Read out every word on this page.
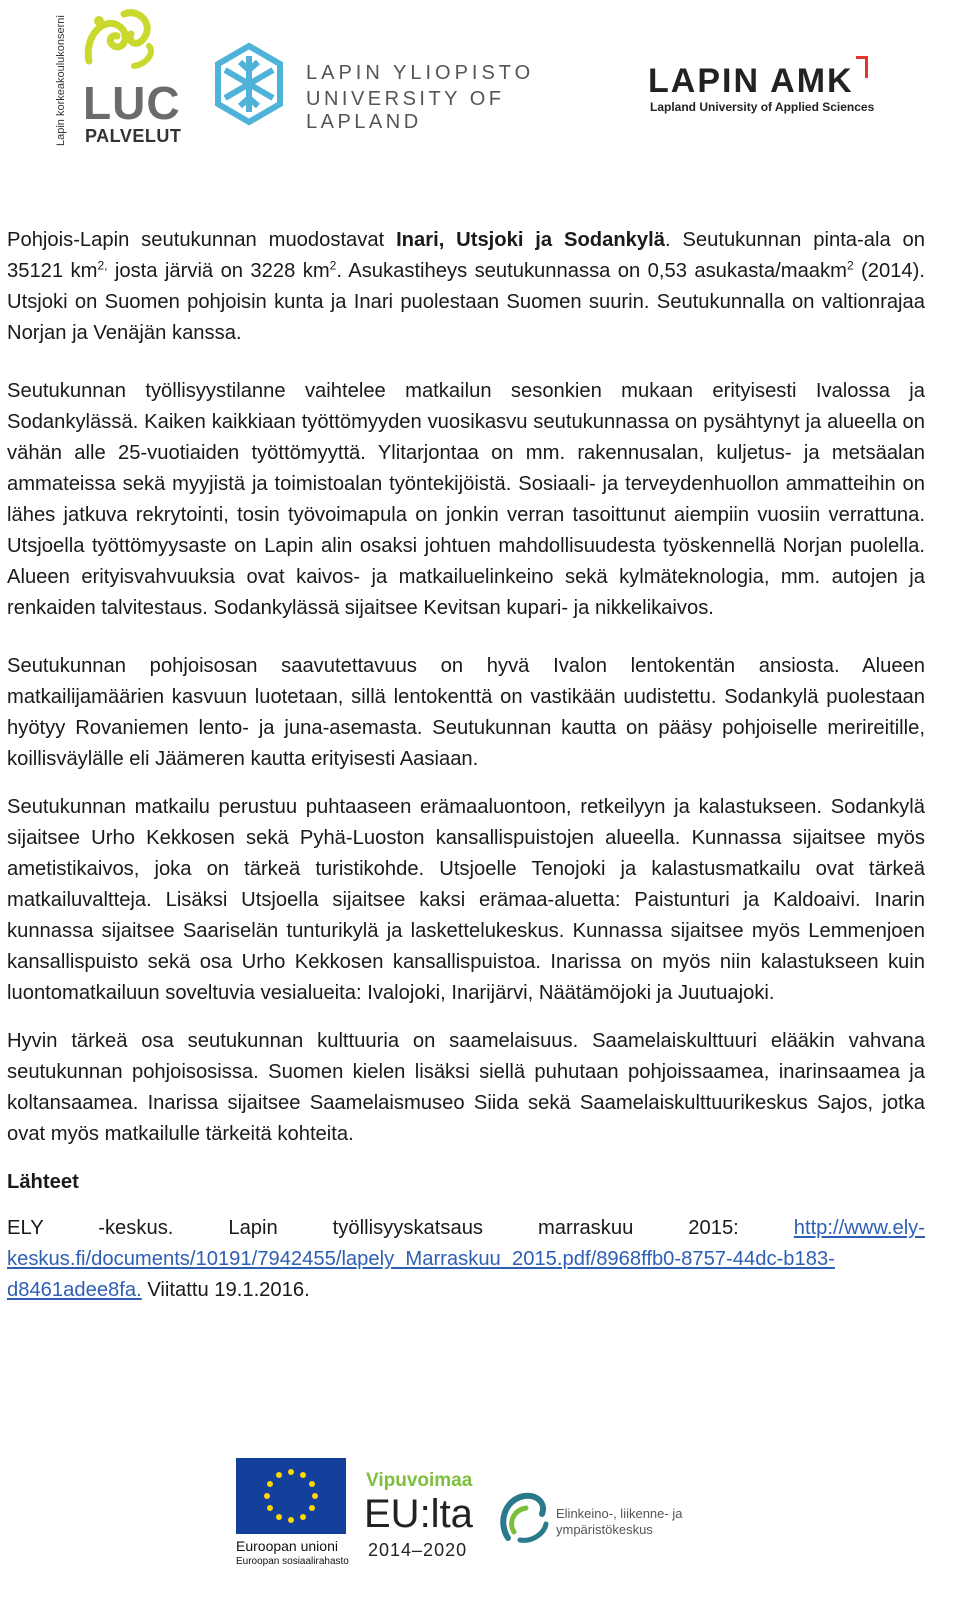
Lapin korkeakoulukonserni LUC
PALVELUT
LAPIN YLIOPISTO
UNIVERSITY OF LAPLAND
LAPIN AMK
Lapland University of Applied Sciences

Pohjois-Lapin seutukunnan muodostavat Inari, Utsjoki ja Sodankylä. Seutukunnan pinta-ala on 35121 $km^{2,}$ josta järviä on 3228 $km^2$. Asukastiheys seutukunnassa on 0,53 asukasta/maakm$^2$ (2014). Utsjoki on Suomen pohjoisin kunta ja Inari puolestaan Suomen suurin. Seutukunnalla on valtionrajaa Norjan ja Venäjän kanssa.

Seutukunnan työllisyystilanne vaihtelee matkailun sesonkien mukaan erityisesti Ivalossa ja Sodankylässä. Kaiken kaikkiaan työttömyyden vuosikasvu seutukunnassa on pysähtynyt ja alueella on vähän alle 25-vuotiaiden työttömyyttä. Ylitarjontaa on mm. rakennusalan, kuljetus- ja metsäalan ammateissa sekä myyjistä ja toimistoalan työntekijöistä. Sosiaali- ja terveydenhuollon ammatteihin on lähes jatkuva rekrytointi, tosin työvoimapula on jonkin verran tasoittunut aiempiin vuosiin verrattuna. Utsjoella työttömyysaste on Lapin alin osaksi johtuen mahdollisuudesta työskennellä Norjan puolella. Alueen erityisvahvuuksia ovat kaivos- ja matkailuelinkeino sekä kylmäteknologia, mm. autojen ja renkaiden talvitestaus. Sodankylässä sijaitsee Kevitsan kupari- ja nikkelikaivos.

Seutukunnan pohjoisosan saavutettavuus on hyvä Ivalon lentokentän ansiosta. Alueen matkailijamäärien kasvuun luotetaan, sillä lentokenttä on vastikään uudistettu. Sodankylä puolestaan hyötyy Rovaniemen lento- ja juna-asemasta. Seutukunnan kautta on pääsy pohjoiselle merireitille, koillisväylälle eli Jäämeren kautta erityisesti Aasiaan.

Seutukunnan matkailu perustuu puhtaaseen erämaaluontoon, retkeilyyn ja kalastukseen. Sodankylä sijaitsee Urho Kekkosen sekä Pyhä-Luoston kansallispuistojen alueella. Kunnassa sijaitsee myös ametistikaivos, joka on tärkeä turistikohde. Utsjoelle Tenojoki ja kalastusmatkailu ovat tärkeä matkailuvaltteja. Lisäksi Utsjoella sijaitsee kaksi erämaa-aluetta: Paistunturi ja Kaldoaivi. Inarin kunnassa sijaitsee Saariselän tunturikylä ja laskettelukeskus. Kunnassa sijaitsee myös Lemmenjoen kansallispuisto sekä osa Urho Kekkosen kansallispuistoa. Inarissa on myös niin kalastukseen kuin luontomatkailuun soveltuvia vesialueita: Ivalojoki, Inarijärvi, Näätämöjoki ja Juutuajoki.

Hyvin tärkeä osa seutukunnan kulttuuria on saamelaisuus. Saamelaiskulttuuri elääkin vahvana seutukunnan pohjoisosissa. Suomen kielen lisäksi siellä puhutaan pohjoissaamea, inarinsaamea ja koltansaamea. Inarissa sijaitsee Saamelaismuseo Siida sekä Saamelaiskulttuurikeskus Sajos, jotka ovat myös matkailulle tärkeitä kohteita.

Lähteet

ELY -keskus. Lapin työllisyyskatsaus marraskuu 2015: http://www.ely-keskus.fi/documents/10191/7942455/lapely_Marraskuu_2015.pdf/8968ffb0-8757-44dc-b183-d8461adee8fa. Viitattu 19.1.2016.

Euroopan unioni
Euroopan sosiaalirahasto
Vipuvoimaa
EU:lta
2014–2020
Elinkeino-, liikenne- ja
ympäristökeskus
